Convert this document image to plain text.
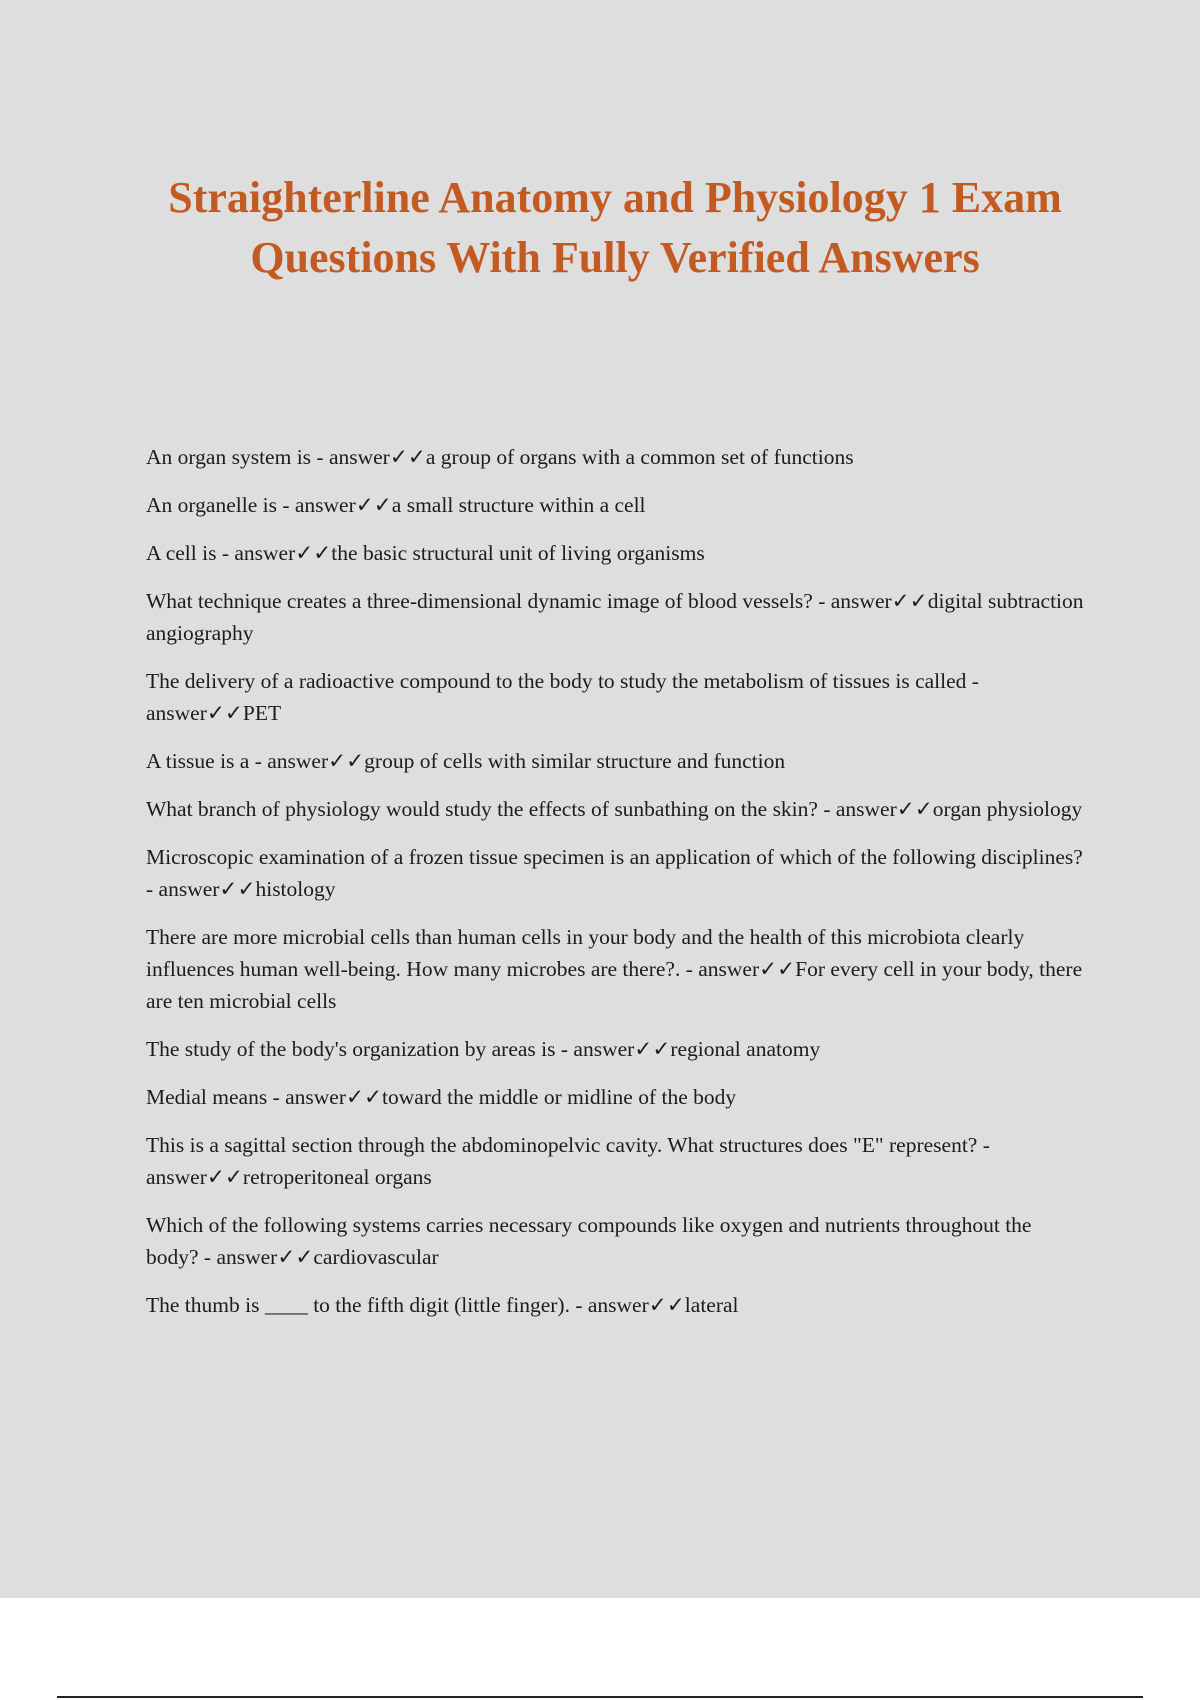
Straighterline Anatomy and Physiology 1 Exam Questions With Fully Verified Answers
An organ system is - answer✓✓a group of organs with a common set of functions
An organelle is - answer✓✓a small structure within a cell
A cell is - answer✓✓the basic structural unit of living organisms
What technique creates a three-dimensional dynamic image of blood vessels? - answer✓✓digital subtraction angiography
The delivery of a radioactive compound to the body to study the metabolism of tissues is called - answer✓✓PET
A tissue is a - answer✓✓group of cells with similar structure and function
What branch of physiology would study the effects of sunbathing on the skin? - answer✓✓organ physiology
Microscopic examination of a frozen tissue specimen is an application of which of the following disciplines? - answer✓✓histology
There are more microbial cells than human cells in your body and the health of this microbiota clearly influences human well-being. How many microbes are there?. - answer✓✓For every cell in your body, there are ten microbial cells
The study of the body's organization by areas is - answer✓✓regional anatomy
Medial means - answer✓✓toward the middle or midline of the body
This is a sagittal section through the abdominopelvic cavity. What structures does "E" represent? - answer✓✓retroperitoneal organs
Which of the following systems carries necessary compounds like oxygen and nutrients throughout the body? - answer✓✓cardiovascular
The thumb is ____ to the fifth digit (little finger). - answer✓✓lateral
